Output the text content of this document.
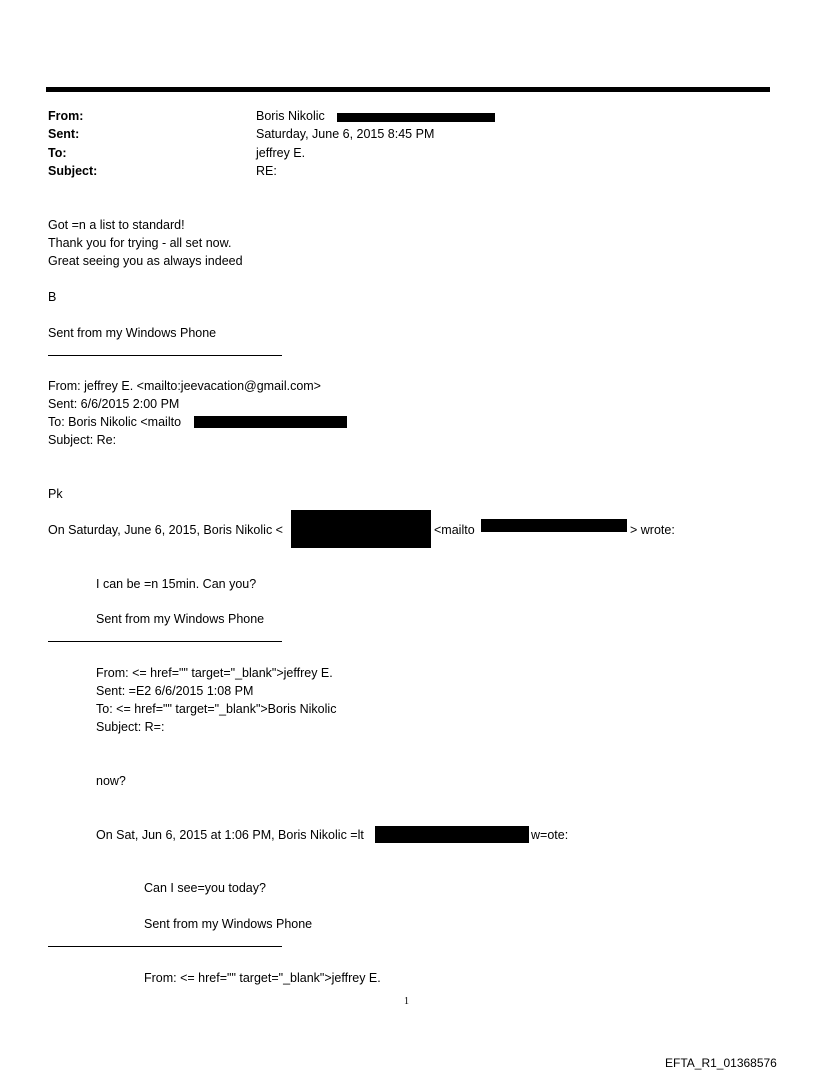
From:	Boris Nikolic
Sent:	Saturday, June 6, 2015 8:45 PM
To:	jeffrey E.
Subject:	RE:
Got =n a list to standard!
Thank you for trying - all set now.
Great seeing you as always indeed
B
Sent from my Windows Phone
From: jeffrey E. <mailto:jeevacation@gmail.com>
Sent: 6/6/2015 2:00 PM
To: Boris Nikolic <mailto
Subject: Re:
Pk
On Saturday, June 6, 2015, Boris Nikolic <	<mailto	> wrote:
I can be =n 15min. Can you?
Sent from my Windows Phone
From: <= href="" target="_blank">jeffrey E.
Sent: =E2 6/6/2015 1:08 PM
To: <= href="" target="_blank">Boris Nikolic
Subject: R=:
now?
On Sat, Jun 6, 2015 at 1:06 PM, Boris Nikolic =lt	w=ote:
Can I see=you today?
Sent from my Windows Phone
From: <= href="" target="_blank">jeffrey E.
1
EFTA_R1_01368576
